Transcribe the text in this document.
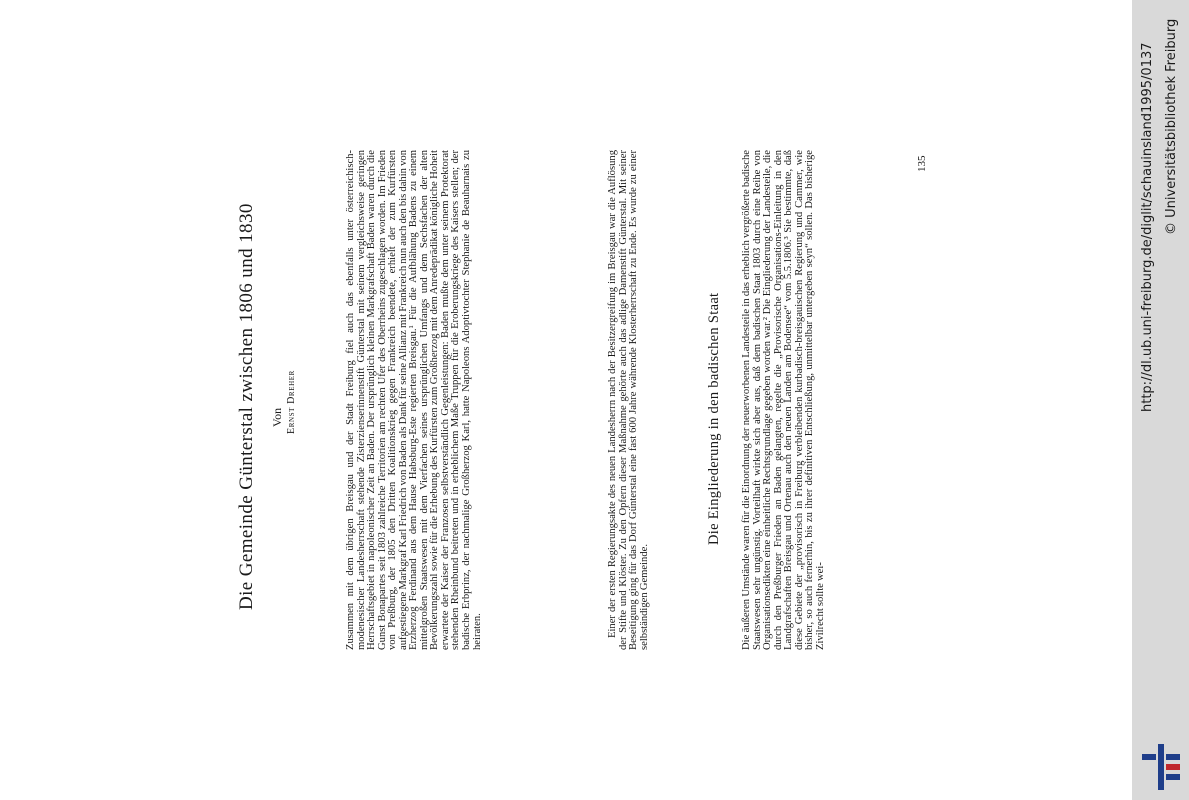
Die Gemeinde Günterstal zwischen 1806 und 1830 Von Ernst Dreher	Zusammen mit dem übrigen Breisgau und der Stadt Freiburg fiel auch das ebenfalls unter österreichisch-modenesischer Landesherrschaft stehende Zisterzienserinnenstift Günterstal mit seinem vergleichsweise geringen Herrschaftsgebiet in napoleonischer Zeit an Baden. Der ursprünglich kleinen Markgrafschaft Baden waren durch die Gunst Bonapartes seit 1803 zahlreiche Territorien am rechten Ufer des Oberrheins zugeschlagen worden. Im Frieden von Preßburg, der 1805 den Dritten Koalitionskrieg gegen Frankreich beendete, erhielt der zum Kurfürsten aufgestiegene Markgraf Karl Friedrich von Baden als Dank für seine Allianz mit Frankreich nun auch den bis dahin von Erzherzog Ferdinand aus dem Hause Habsburg-Este regierten Breisgau.¹ Für die Aufblähung Badens zu einem mittelgroßen Staatswesen mit dem Vierfachen seines ursprünglichen Umfangs und dem Sechsfachen der alten Bevölkerungszahl sowie für die Erhebung des Kurfürsten zum Großherzog mit dem Anredeprädikat königliche Hoheit erwartete der Kaiser der Franzosen selbstverständlich Gegenleistungen: Baden mußte dem unter seinem Protektorat stehenden Rheinbund beitreten und in erheblichem Maße Truppen für die Eroberungskriege des Kaisers stellen; der badische Erbprinz, der nachmalige Großherzog Karl, hatte Napoleons Adoptivtochter Stephanie de Beauharnais zu heiraten.	Einer der ersten Regierungsakte des neuen Landesherrn nach der Besitzergreifung im Breisgau war die Auflösung der Stifte und Klöster. Zu den Opfern dieser Maßnahme gehörte auch das adlige Damenstift Günterstal. Mit seiner Beseitigung ging für das Dorf Günterstal eine fast 600 Jahre währende Klosterherrschaft zu Ende. Es wurde zu einer selbständigen Gemeinde.

Die Eingliederung in den badischen Staat Die äußeren Umstände waren für die Einordnung der neuerworbenen Landesteile in das erheblich vergrößerte badische Staatswesen sehr ungünstig. Vorteilhaft wirkte sich aber aus, daß dem badischen Staat 1803 durch eine Reihe von Organisationsedikten eine einheitliche Rechtsgrundlage gegeben worden war.² Die Eingliederung der Landesteile, die durch den Preßburger Frieden an Baden gelangten, regelte die „Provisorische Organisations-Einleitung in den Landgrafschaften Breisgau und Ortenau auch den neuen Landen am Bodensee“ vom 5.5.1806.³ Sie bestimmte, daß diese Gebiete der „provisorisch in Freiburg verbleibenden kurbadisch-breisgauischen Regierung und Cammer, wie bisher, so auch fernerhin, bis zu ihrer definitiven Entschließung, unmittelbar untergeben seyn“ sollen. Das bisherige Zivilrecht sollte wei-

135	http://dl.ub.uni-freiburg.de/diglit/schauinsland1995/0137 © Universitätsbibliothek Freiburg
